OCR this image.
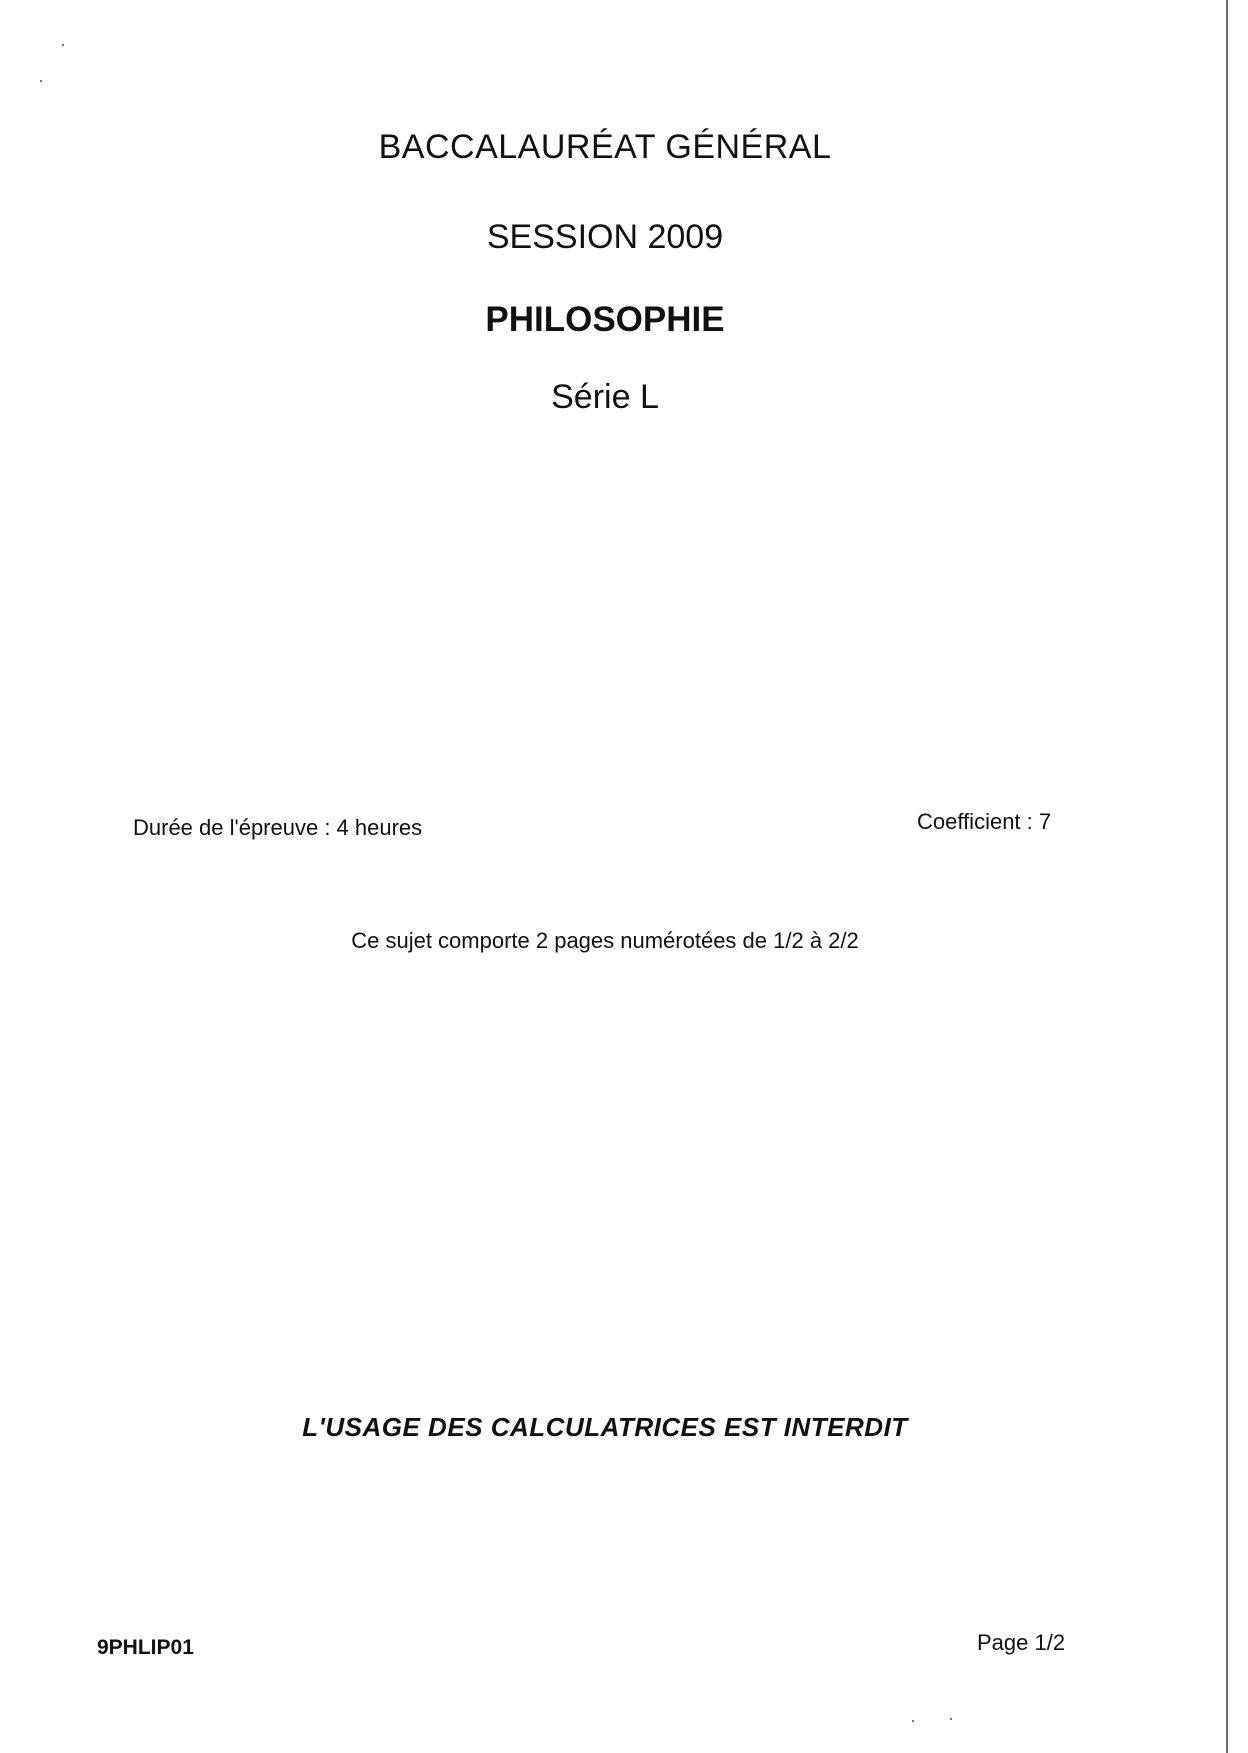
BACCALAURÉAT GÉNÉRAL
SESSION 2009
PHILOSOPHIE
Série L
Durée de l'épreuve : 4 heures	Coefficient : 7
Ce sujet comporte 2 pages numérotées de 1/2 à 2/2
L'USAGE DES CALCULATRICES EST INTERDIT
9PHLIP01	Page 1/2
